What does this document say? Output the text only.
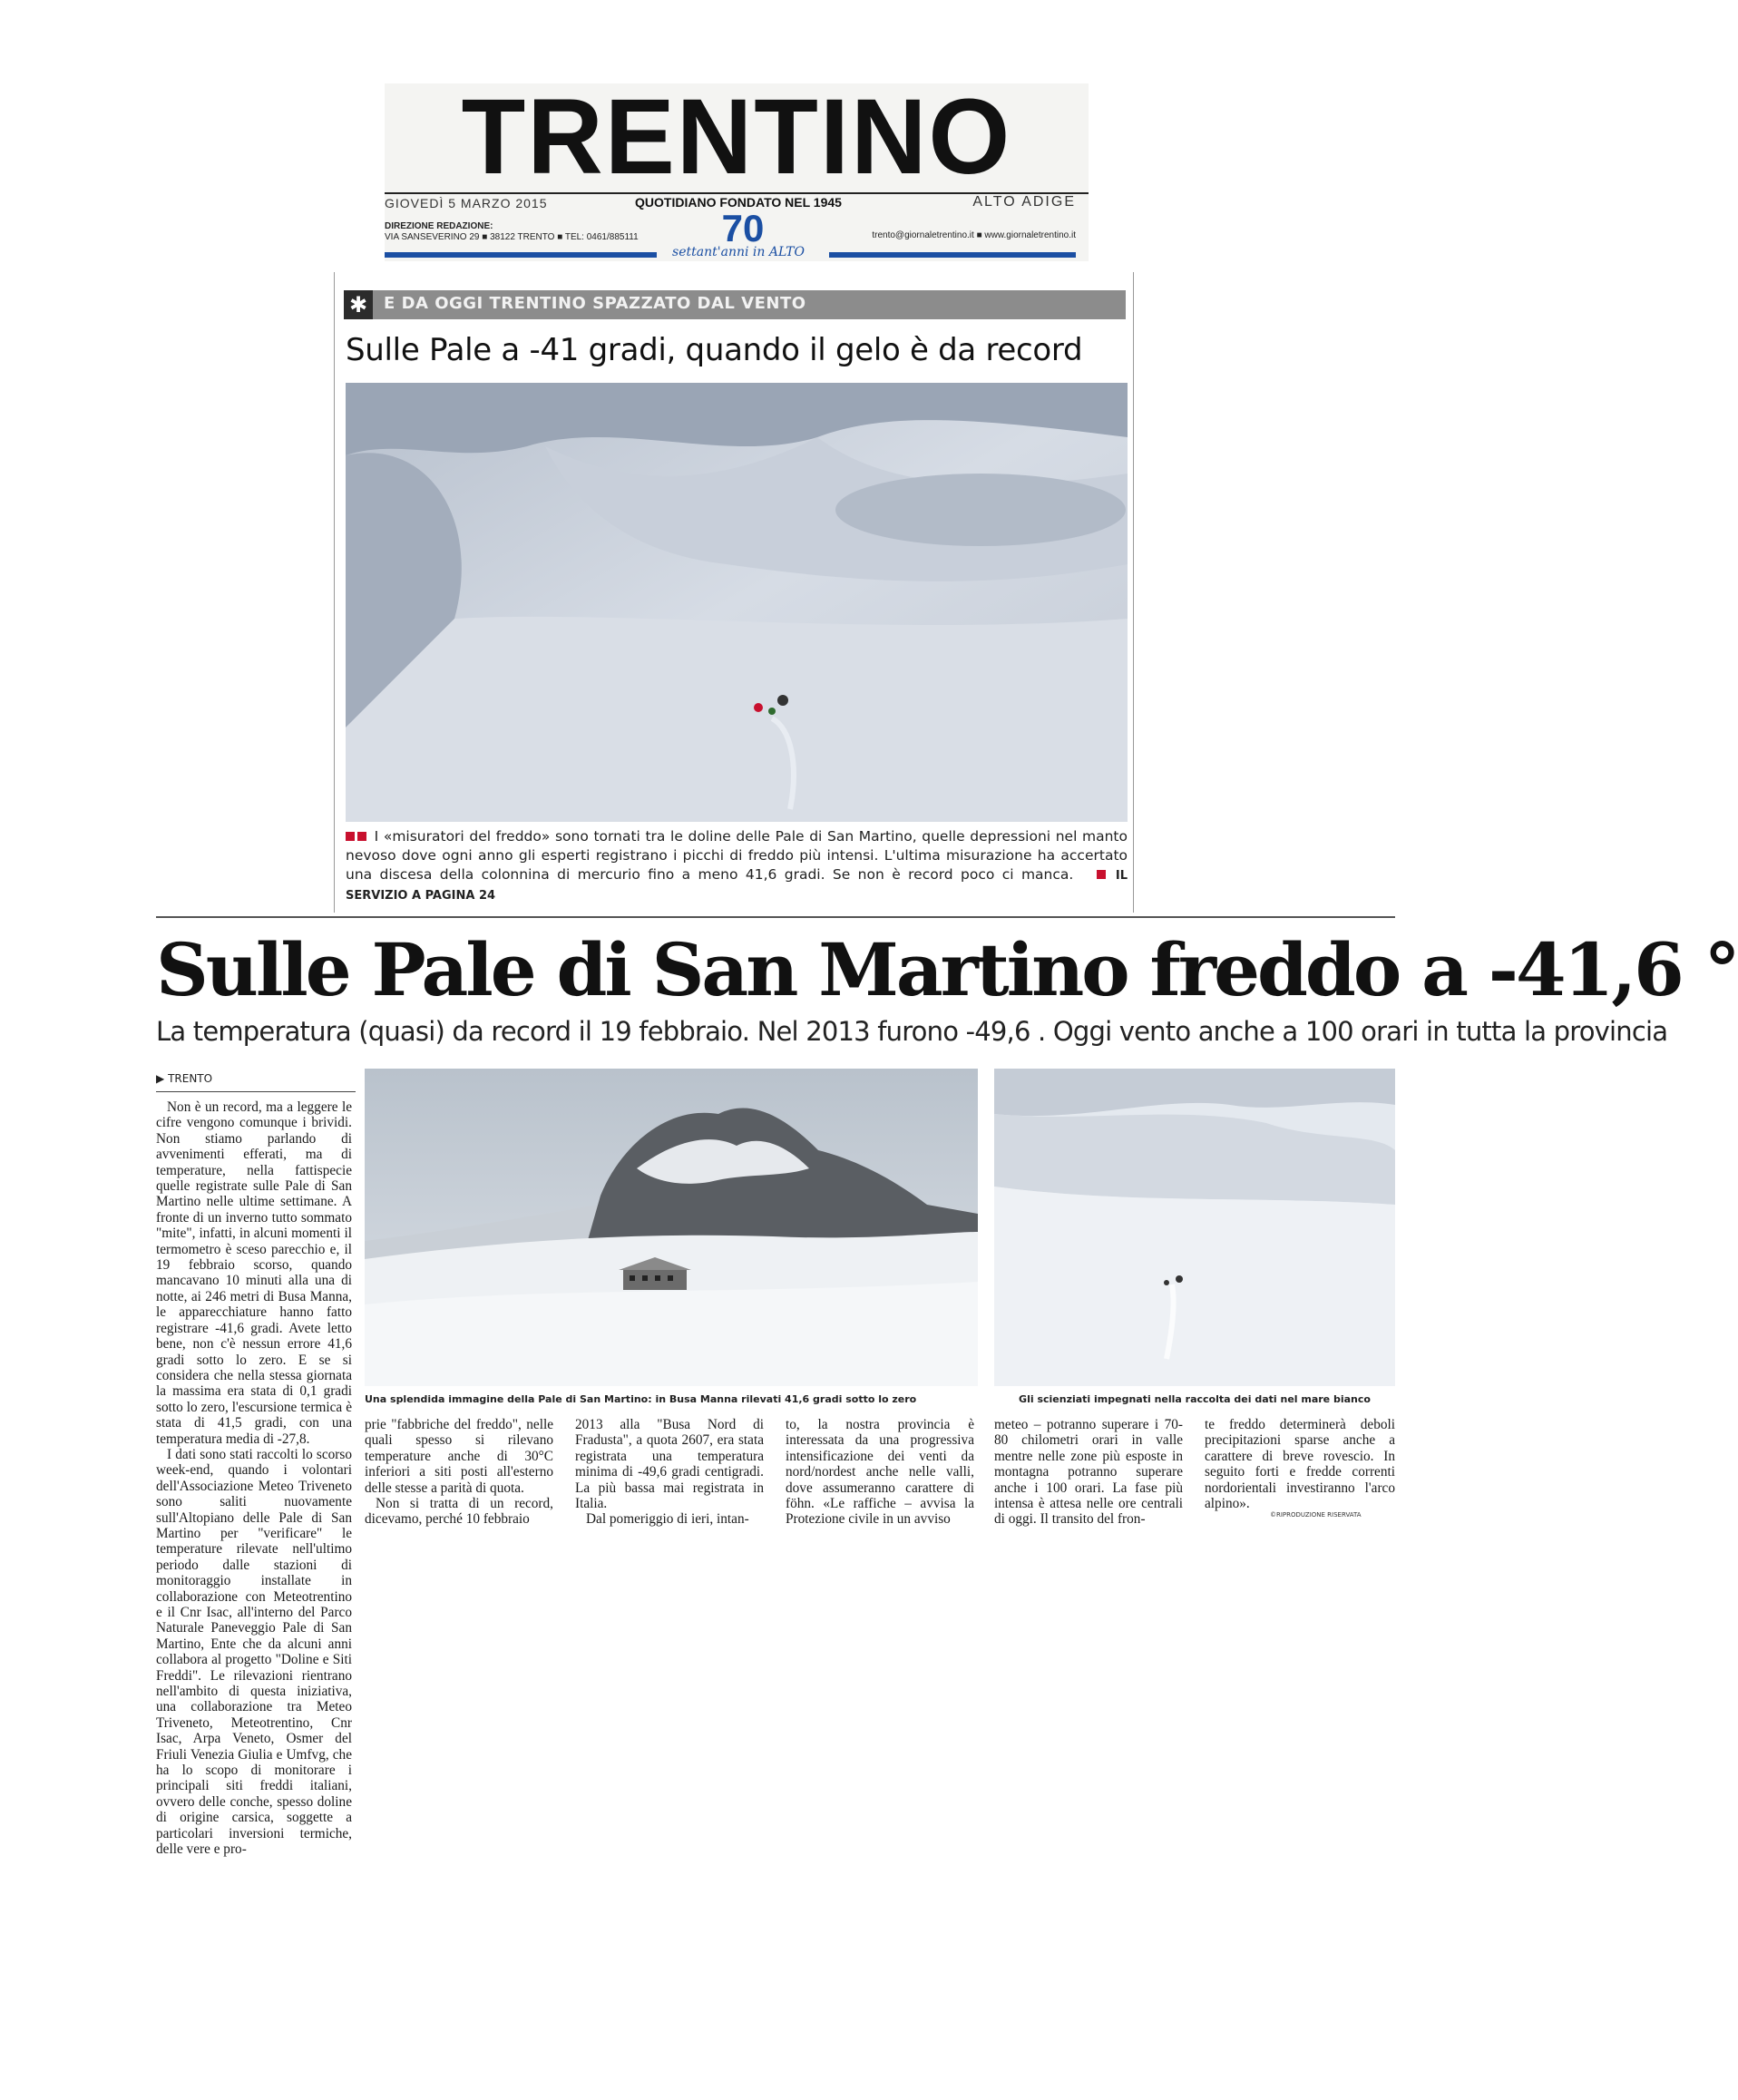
TRENTINO
GIOVEDÌ 5 MARZO 2015	QUOTIDIANO FONDATO NEL 1945	ALTO ADIGE
DIREZIONE REDAZIONE:
VIA SANSEVERINO 29 ■ 38122 TRENTO ■ TEL: 0461/885111	70
settant'anni in ALTO
trento@giornaletrentino.it ■ www.giornaletrentino.it
✱ E DA OGGI TRENTINO SPAZZATO DAL VENTO
Sulle Pale a -41 gradi, quando il gelo è da record
I «misuratori del freddo» sono tornati tra le doline delle Pale di San Martino, quelle depressioni nel manto nevoso dove ogni anno gli esperti registrano i picchi di freddo più intensi. L'ultima misurazione ha accertato una discesa della colonnina di mercurio fino a meno 41,6 gradi. Se non è record poco ci manca.	IL SERVIZIO A PAGINA 24
Sulle Pale di San Martino freddo a -41,6 °
La temperatura (quasi) da record il 19 febbraio. Nel 2013 furono -49,6 . Oggi vento anche a 100 orari in tutta la provincia
▶ TRENTO

Non è un record, ma a leggere le cifre vengono comunque i brividi. Non stiamo parlando di avvenimenti efferati, ma di temperature, nella fattispecie quelle registrate sulle Pale di San Martino nelle ultime settimane. A fronte di un inverno tutto sommato "mite", infatti, in alcuni momenti il termometro è sceso parecchio e, il 19 febbraio scorso, quando mancavano 10 minuti alla una di notte, ai 246 metri di Busa Manna, le apparecchiature hanno fatto registrare -41,6 gradi. Avete letto bene, non c'è nessun errore 41,6 gradi sotto lo zero. E se si considera che nella stessa giornata la massima era stata di 0,1 gradi sotto lo zero, l'escursione termica è stata di 41,5 gradi, con una temperatura media di -27,8.

I dati sono stati raccolti lo scorso week-end, quando i volontari dell'Associazione Meteo Triveneto sono saliti nuovamente sull'Altopiano delle Pale di San Martino per "verificare" le temperature rilevate nell'ultimo periodo dalle stazioni di monitoraggio installate in collaborazione con Meteotrentino e il Cnr Isac, all'interno del Parco Naturale Paneveggio Pale di San Martino, Ente che da alcuni anni collabora al progetto "Doline e Siti Freddi". Le rilevazioni rientrano nell'ambito di questa iniziativa, una collaborazione tra Meteo Triveneto, Meteotrentino, Cnr Isac, Arpa Veneto, Osmer del Friuli Venezia Giulia e Umfvg, che ha lo scopo di monitorare i principali siti freddi italiani, ovvero delle conche, spesso doline di origine carsica, soggette a particolari inversioni termiche, delle vere e pro-

Una splendida immagine della Pale di San Martino: in Busa Manna rilevati 41,6 gradi sotto lo zero	Gli scienziati impegnati nella raccolta dei dati nel mare bianco
prie "fabbriche del freddo", nelle quali spesso si rilevano temperature anche di 30°C inferiori a siti posti all'esterno delle stesse a parità di quota.

Non si tratta di un record, dicevamo, perché 10 febbraio

2013 alla "Busa Nord di Fradusta", a quota 2607, era stata registrata una temperatura minima di -49,6 gradi centigradi. La più bassa mai registrata in Italia.

Dal pomeriggio di ieri, intan-

to, la nostra provincia è interessata da una progressiva intensificazione dei venti da nord/nordest anche nelle valli, dove assumeranno carattere di föhn. «Le raffiche – avvisa la Protezione civile in un avviso
meteo – potranno superare i 70-80 chilometri orari in valle mentre nelle zone più esposte in montagna potranno superare anche i 100 orari. La fase più intensa è attesa nelle ore centrali di oggi. Il transito del fron-
te freddo determinerà deboli precipitazioni sparse anche a carattere di breve rovescio. In seguito forti e fredde correnti nordorientali investiranno l'arco alpino».
©RIPRODUZIONE RISERVATA
